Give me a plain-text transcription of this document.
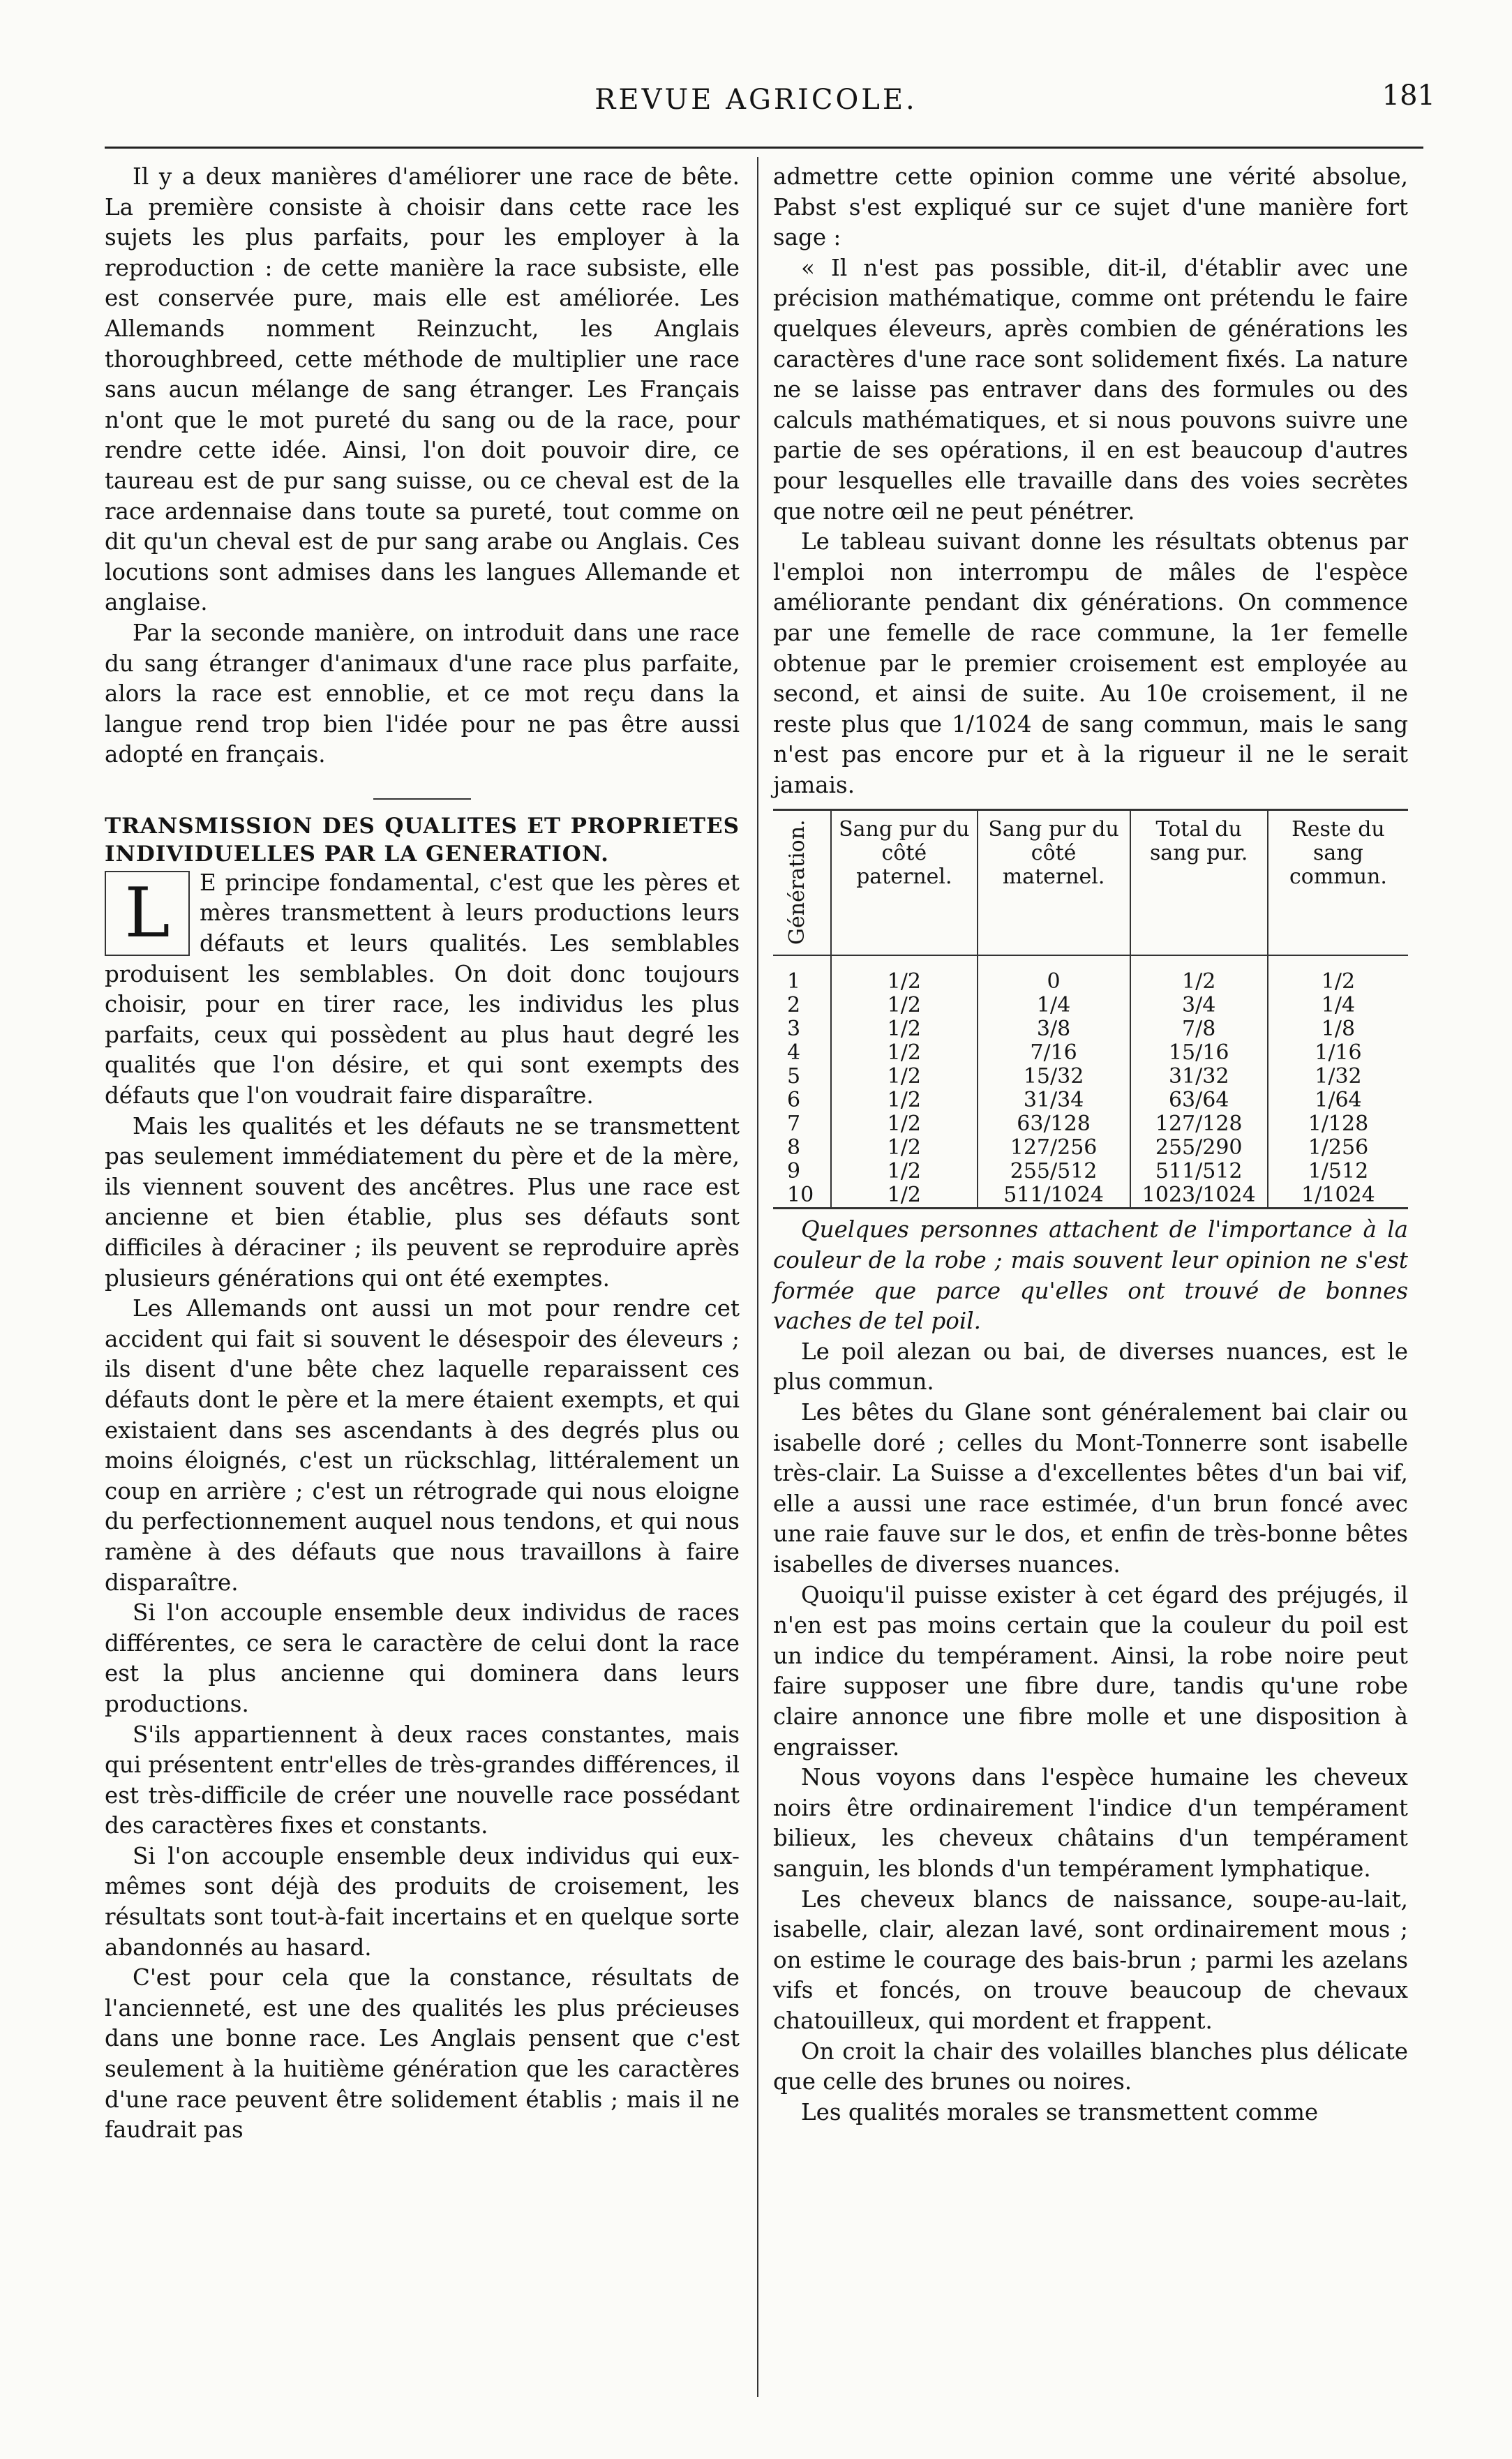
REVUE AGRICOLE.	181

Il y a deux manières d'améliorer une race de bête. La première consiste à choisir dans cette race les sujets les plus parfaits, pour les employer à la reproduction : de cette manière la race subsiste, elle est conservée pure, mais elle est améliorée. Les Allemands nomment Reinzucht, les Anglais thoroughbreed, cette méthode de multiplier une race sans aucun mélange de sang étranger. Les Français n'ont que le mot pureté du sang ou de la race, pour rendre cette idée. Ainsi, l'on doit pouvoir dire, ce taureau est de pur sang suisse, ou ce cheval est de la race ardennaise dans toute sa pureté, tout comme on dit qu'un cheval est de pur sang arabe ou Anglais. Ces locutions sont admises dans les langues Allemande et anglaise.

Par la seconde manière, on introduit dans une race du sang étranger d'animaux d'une race plus parfaite, alors la race est ennoblie, et ce mot reçu dans la langue rend trop bien l'idée pour ne pas être aussi adopté en français.

TRANSMISSION DES QUALITES ET PROPRIETES INDIVIDUELLES PAR LA GENERATION.

L	E principe fondamental, c'est que les pères et mères transmettent à leurs productions leurs défauts et leurs qualités. Les semblables produisent les semblables. On doit donc toujours choisir, pour en tirer race, les individus les plus parfaits, ceux qui possèdent au plus haut degré les qualités que l'on désire, et qui sont exempts des défauts que l'on voudrait faire disparaître.

Mais les qualités et les défauts ne se transmettent pas seulement immédiatement du père et de la mère, ils viennent souvent des ancêtres. Plus une race est ancienne et bien établie, plus ses défauts sont difficiles à déraciner ; ils peuvent se reproduire après plusieurs générations qui ont été exemptes.

Les Allemands ont aussi un mot pour rendre cet accident qui fait si souvent le désespoir des éleveurs ; ils disent d'une bête chez laquelle reparaissent ces défauts dont le père et la mere étaient exempts, et qui existaient dans ses ascendants à des degrés plus ou moins éloignés, c'est un rückschlag, littéralement un coup en arrière ; c'est un rétrograde qui nous eloigne du perfectionnement auquel nous tendons, et qui nous ramène à des défauts que nous travaillons à faire disparaître.

Si l'on accouple ensemble deux individus de races différentes, ce sera le caractère de celui dont la race est la plus ancienne qui dominera dans leurs productions.

S'ils appartiennent à deux races constantes, mais qui présentent entr'elles de très-grandes différences, il est très-difficile de créer une nouvelle race possédant des caractères fixes et constants.

Si l'on accouple ensemble deux individus qui eux-mêmes sont déjà des produits de croisement, les résultats sont tout-à-fait incertains et en quelque sorte abandonnés au hasard.

C'est pour cela que la constance, résultats de l'ancienneté, est une des qualités les plus précieuses dans une bonne race. Les Anglais pensent que c'est seulement à la huitième génération que les caractères d'une race peuvent être solidement établis ; mais il ne faudrait pas

admettre cette opinion comme une vérité absolue, Pabst s'est expliqué sur ce sujet d'une manière fort sage :

« Il n'est pas possible, dit-il, d'établir avec une précision mathématique, comme ont prétendu le faire quelques éleveurs, après combien de générations les caractères d'une race sont solidement fixés. La nature ne se laisse pas entraver dans des formules ou des calculs mathématiques, et si nous pouvons suivre une partie de ses opérations, il en est beaucoup d'autres pour lesquelles elle travaille dans des voies secrètes que notre œil ne peut pénétrer.

Le tableau suivant donne les résultats obtenus par l'emploi non interrompu de mâles de l'espèce améliorante pendant dix générations. On commence par une femelle de race commune, la 1er femelle obtenue par le premier croisement est employée au second, et ainsi de suite. Au 10e croisement, il ne reste plus que 1/1024 de sang commun, mais le sang n'est pas encore pur et à la rigueur il ne le serait jamais.

Génération.	Sang pur du côté paternel.	Sang pur du côté maternel.	Total du sang pur.	Reste du sang commun.
1	1/2	0	1/2	1/2
2	1/2	1/4	3/4	1/4
3	1/2	3/8	7/8	1/8
4	1/2	7/16	15/16	1/16
5	1/2	15/32	31/32	1/32
6	1/2	31/34	63/64	1/64
7	1/2	63/128	127/128	1/128
8	1/2	127/256	255/290	1/256
9	1/2	255/512	511/512	1/512
10	1/2	511/1024	1023/1024	1/1024

Quelques personnes attachent de l'importance à la couleur de la robe ; mais souvent leur opinion ne s'est formée que parce qu'elles ont trouvé de bonnes vaches de tel poil.

Le poil alezan ou bai, de diverses nuances, est le plus commun.

Les bêtes du Glane sont généralement bai clair ou isabelle doré ; celles du Mont-Tonnerre sont isabelle très-clair. La Suisse a d'excellentes bêtes d'un bai vif, elle a aussi une race estimée, d'un brun foncé avec une raie fauve sur le dos, et enfin de très-bonne bêtes isabelles de diverses nuances.

Quoiqu'il puisse exister à cet égard des préjugés, il n'en est pas moins certain que la couleur du poil est un indice du tempérament. Ainsi, la robe noire peut faire supposer une fibre dure, tandis qu'une robe claire annonce une fibre molle et une disposition à engraisser.

Nous voyons dans l'espèce humaine les cheveux noirs être ordinairement l'indice d'un tempérament bilieux, les cheveux châtains d'un tempérament sanguin, les blonds d'un tempérament lymphatique.

Les cheveux blancs de naissance, soupe-au-lait, isabelle, clair, alezan lavé, sont ordinairement mous ; on estime le courage des bais-brun ; parmi les azelans vifs et foncés, on trouve beaucoup de chevaux chatouilleux, qui mordent et frappent.

On croit la chair des volailles blanches plus délicate que celle des brunes ou noires.

Les qualités morales se transmettent comme
